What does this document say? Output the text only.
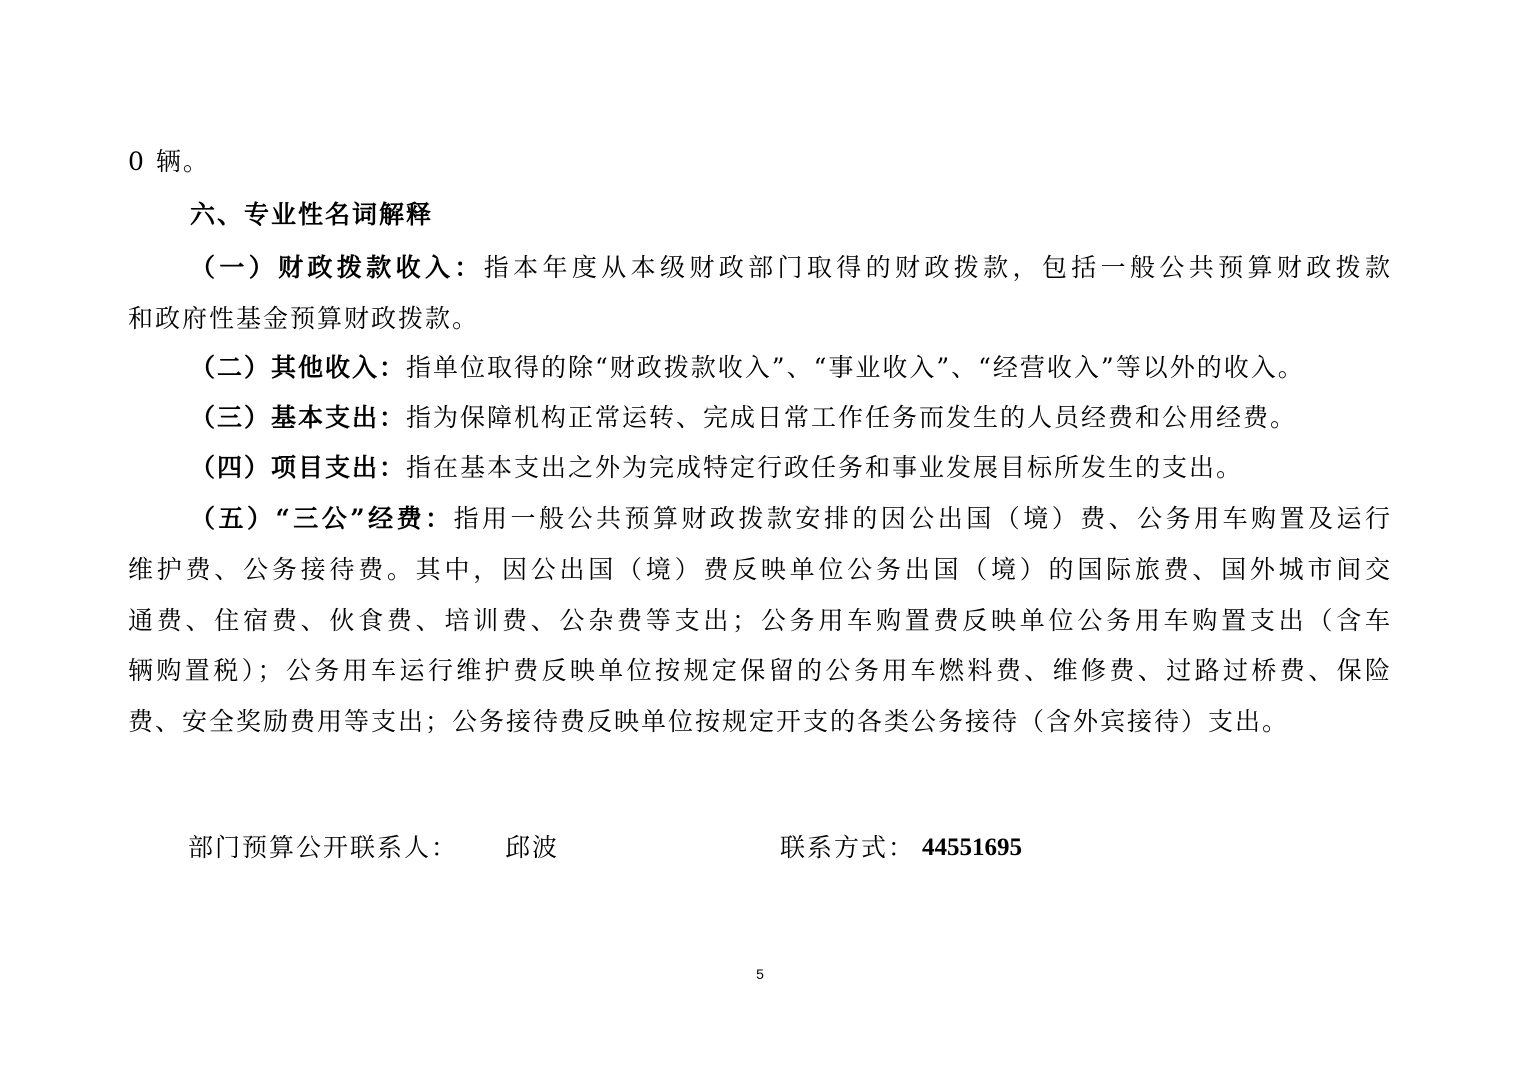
0 辆。
六、专业性名词解释
（一）财政拨款收入：指本年度从本级财政部门取得的财政拨款，包括一般公共预算财政拨款
和政府性基金预算财政拨款。
（二）其他收入：指单位取得的除“财政拨款收入”、“事业收入”、“经营收入”等以外的收入。
（三）基本支出：指为保障机构正常运转、完成日常工作任务而发生的人员经费和公用经费。
（四）项目支出：指在基本支出之外为完成特定行政任务和事业发展目标所发生的支出。
（五）“三公”经费：指用一般公共预算财政拨款安排的因公出国（境）费、公务用车购置及运行
维护费、公务接待费。其中，因公出国（境）费反映单位公务出国（境）的国际旅费、国外城市间交
通费、住宿费、伙食费、培训费、公杂费等支出；公务用车购置费反映单位公务用车购置支出（含车
辆购置税）；公务用车运行维护费反映单位按规定保留的公务用车燃料费、维修费、过路过桥费、保险
费、安全奖励费用等支出；公务接待费反映单位按规定开支的各类公务接待（含外宾接待）支出。
部门预算公开联系人： 邱波	联系方式： 44551695
5
